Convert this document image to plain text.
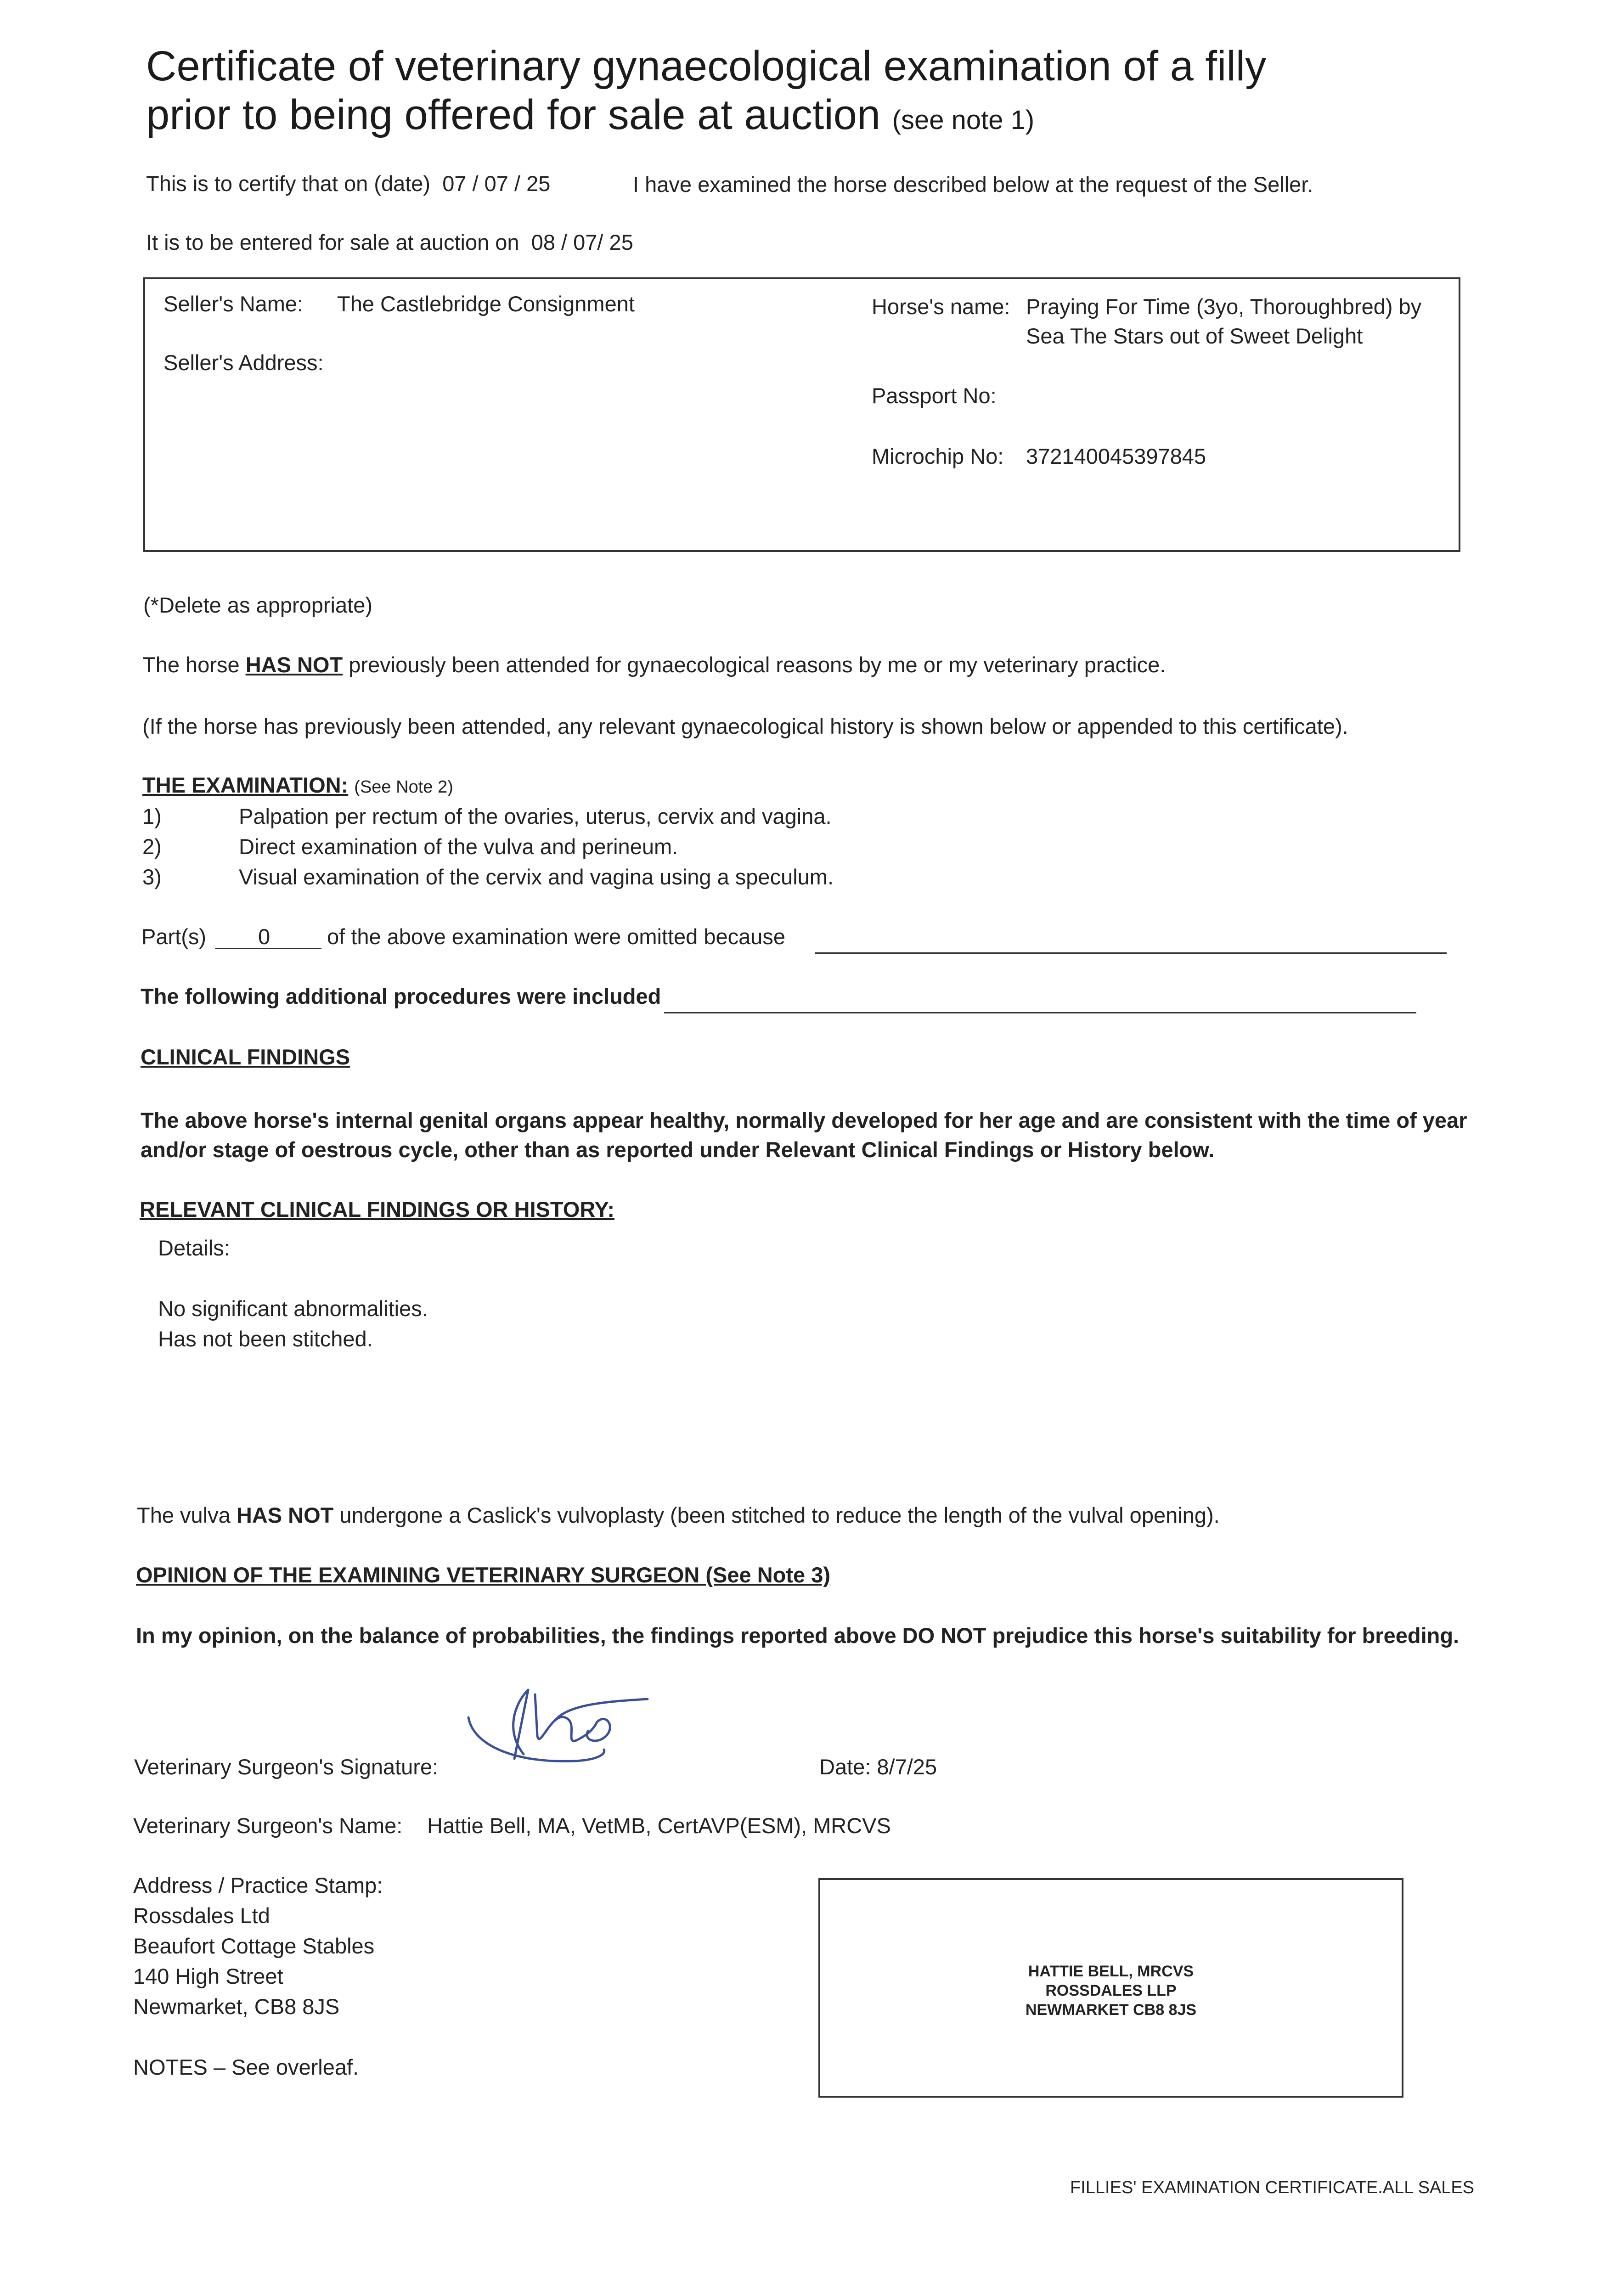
Certificate of veterinary gynaecological examination of a filly
prior to being offered for sale at auction (see note 1)
This is to certify that on (date) 07 / 07 / 25	I have examined the horse described below at the request of the Seller.
It is to be entered for sale at auction on 08 / 07/ 25
Seller's Name: The Castlebridge Consignment
Seller's Address:
Horse's name: Praying For Time (3yo, Thoroughbred) by
Sea The Stars out of Sweet Delight
Passport No:
Microchip No: 372140045397845
(*Delete as appropriate)
The horse HAS NOT previously been attended for gynaecological reasons by me or my veterinary practice.
(If the horse has previously been attended, any relevant gynaecological history is shown below or appended to this certificate).
THE EXAMINATION: (See Note 2)
1)	Palpation per rectum of the ovaries, uterus, cervix and vagina.
2)	Direct examination of the vulva and perineum.
3)	Visual examination of the cervix and vagina using a speculum.
Part(s) 0	of the above examination were omitted because
The following additional procedures were included
CLINICAL FINDINGS
The above horse's internal genital organs appear healthy, normally developed for her age and are consistent with the time of year
and/or stage of oestrous cycle, other than as reported under Relevant Clinical Findings or History below.
RELEVANT CLINICAL FINDINGS OR HISTORY:
Details:
No significant abnormalities.
Has not been stitched.
The vulva HAS NOT undergone a Caslick's vulvoplasty (been stitched to reduce the length of the vulval opening).
OPINION OF THE EXAMINING VETERINARY SURGEON (See Note 3)
In my opinion, on the balance of probabilities, the findings reported above DO NOT prejudice this horse's suitability for breeding.
Veterinary Surgeon's Signature:	Date: 8/7/25
Veterinary Surgeon's Name: Hattie Bell, MA, VetMB, CertAVP(ESM), MRCVS
Address / Practice Stamp:
Rossdales Ltd
Beaufort Cottage Stables
140 High Street
Newmarket, CB8 8JS
HATTIE BELL, MRCVS
ROSSDALES LLP
NEWMARKET CB8 8JS
NOTES – See overleaf.
FILLIES' EXAMINATION CERTIFICATE.ALL SALES
